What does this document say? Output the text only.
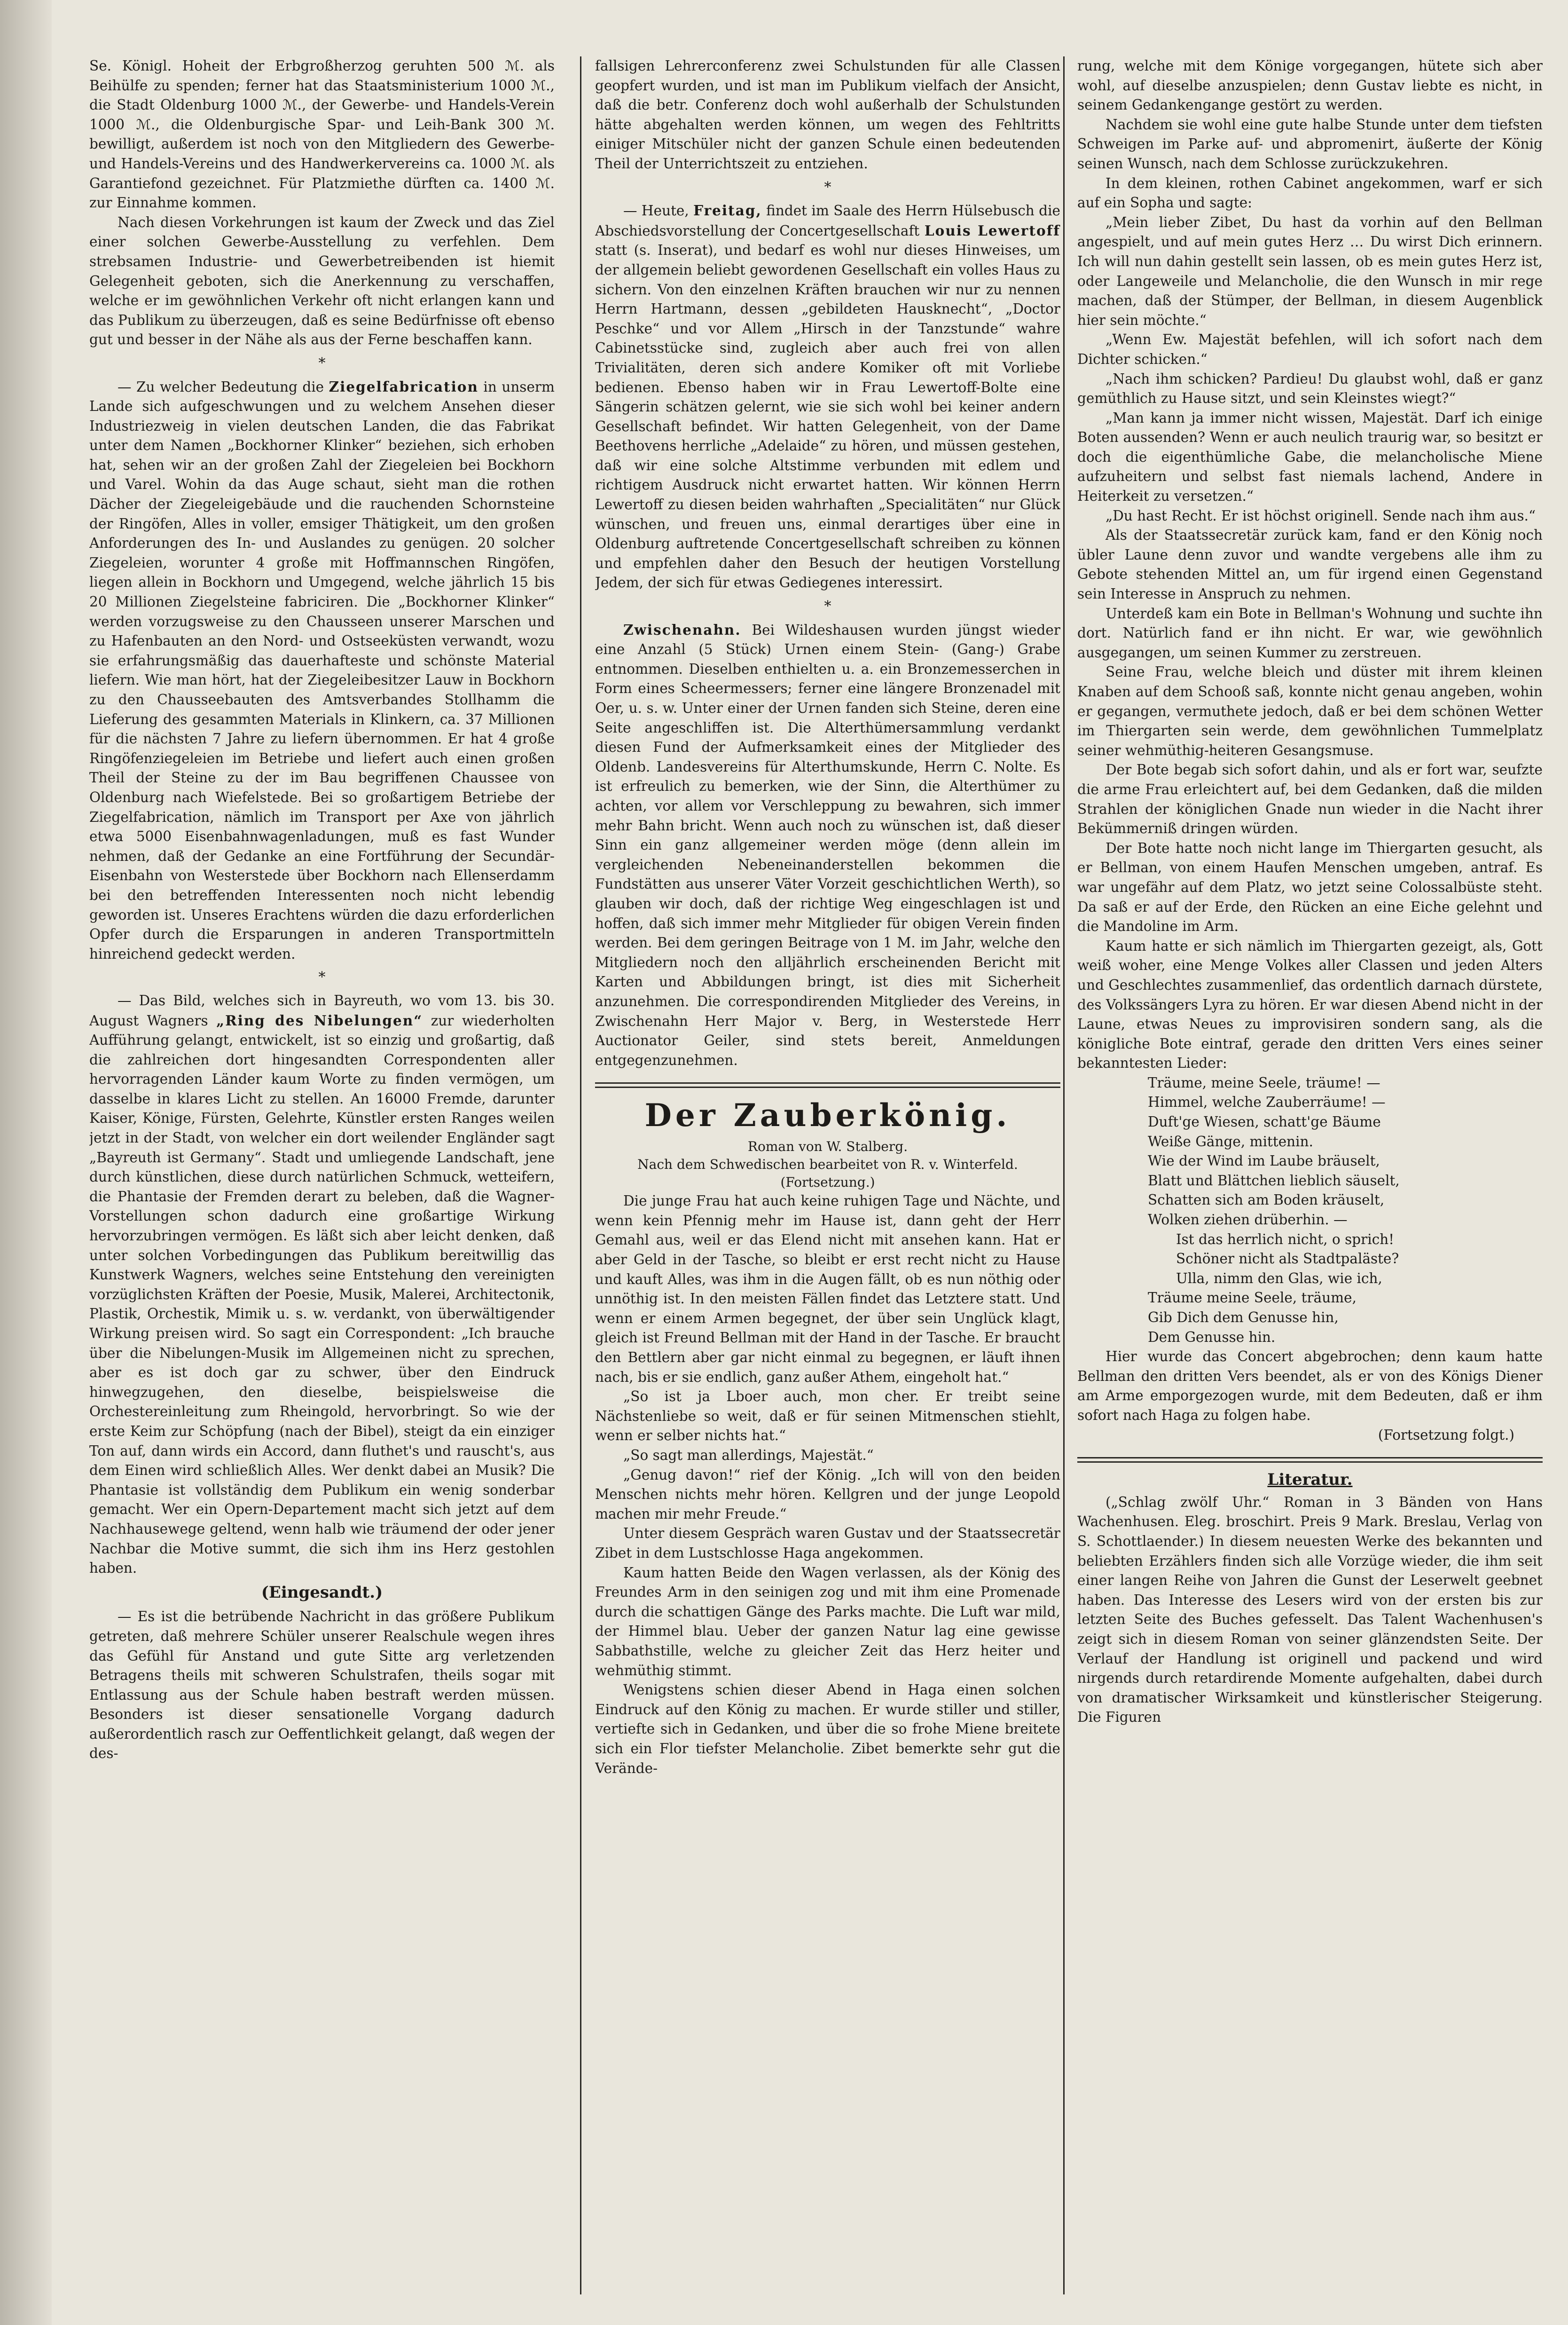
Se. Königl. Hoheit der Erbgroßherzog geruhten 500 ℳ. als Beihülfe zu spenden; ferner hat das Staatsministerium 1000 ℳ., die Stadt Oldenburg 1000 ℳ., der Gewerbe- und Handels-Verein 1000 ℳ., die Oldenburgische Spar- und Leih-Bank 300 ℳ. bewilligt, außerdem ist noch von den Mitgliedern des Gewerbe- und Handels-Vereins und des Handwerkervereins ca. 1000 ℳ. als Garantiefond gezeichnet. Für Platzmiethe dürften ca. 1400 ℳ. zur Einnahme kommen.

Nach diesen Vorkehrungen ist kaum der Zweck und das Ziel einer solchen Gewerbe-Ausstellung zu verfehlen. Dem strebsamen Industrie- und Gewerbetreibenden ist hiemit Gelegenheit geboten, sich die Anerkennung zu verschaffen, welche er im gewöhnlichen Verkehr oft nicht erlangen kann und das Publikum zu überzeugen, daß es seine Bedürfnisse oft ebenso gut und besser in der Nähe als aus der Ferne beschaffen kann.

*

— Zu welcher Bedeutung die Ziegelfabrication in unserm Lande sich aufgeschwungen und zu welchem Ansehen dieser Industriezweig in vielen deutschen Landen, die das Fabrikat unter dem Namen „Bockhorner Klinker“ beziehen, sich erhoben hat, sehen wir an der großen Zahl der Ziegeleien bei Bockhorn und Varel. Wohin da das Auge schaut, sieht man die rothen Dächer der Ziegeleigebäude und die rauchenden Schornsteine der Ringöfen, Alles in voller, emsiger Thätigkeit, um den großen Anforderungen des In- und Auslandes zu genügen. 20 solcher Ziegeleien, worunter 4 große mit Hoffmannschen Ringöfen, liegen allein in Bockhorn und Umgegend, welche jährlich 15 bis 20 Millionen Ziegelsteine fabriciren. Die „Bockhorner Klinker“ werden vorzugsweise zu den Chausseen unserer Marschen und zu Hafenbauten an den Nord- und Ostseeküsten verwandt, wozu sie erfahrungsmäßig das dauerhafteste und schönste Material liefern. Wie man hört, hat der Ziegeleibesitzer Lauw in Bockhorn zu den Chausseebauten des Amtsverbandes Stollhamm die Lieferung des gesammten Materials in Klinkern, ca. 37 Millionen für die nächsten 7 Jahre zu liefern übernommen. Er hat 4 große Ringöfenziegeleien im Betriebe und liefert auch einen großen Theil der Steine zu der im Bau begriffenen Chaussee von Oldenburg nach Wiefelstede. Bei so großartigem Betriebe der Ziegelfabrication, nämlich im Transport per Axe von jährlich etwa 5000 Eisenbahnwagenladungen, muß es fast Wunder nehmen, daß der Gedanke an eine Fortführung der Secundär-Eisenbahn von Westerstede über Bockhorn nach Ellenserdamm bei den betreffenden Interessenten noch nicht lebendig geworden ist. Unseres Erachtens würden die dazu erforderlichen Opfer durch die Ersparungen in anderen Transportmitteln hinreichend gedeckt werden.

*

— Das Bild, welches sich in Bayreuth, wo vom 13. bis 30. August Wagners „Ring des Nibelungen“ zur wiederholten Aufführung gelangt, entwickelt, ist so einzig und großartig, daß die zahlreichen dort hingesandten Correspondenten aller hervorragenden Länder kaum Worte zu finden vermögen, um dasselbe in klares Licht zu stellen. An 16000 Fremde, darunter Kaiser, Könige, Fürsten, Gelehrte, Künstler ersten Ranges weilen jetzt in der Stadt, von welcher ein dort weilender Engländer sagt „Bayreuth ist Germany“. Stadt und umliegende Landschaft, jene durch künstlichen, diese durch natürlichen Schmuck, wetteifern, die Phantasie der Fremden derart zu beleben, daß die Wagner-Vorstellungen schon dadurch eine großartige Wirkung hervorzubringen vermögen. Es läßt sich aber leicht denken, daß unter solchen Vorbedingungen das Publikum bereitwillig das Kunstwerk Wagners, welches seine Entstehung den vereinigten vorzüglichsten Kräften der Poesie, Musik, Malerei, Architectonik, Plastik, Orchestik, Mimik u. s. w. verdankt, von überwältigender Wirkung preisen wird. So sagt ein Correspondent: „Ich brauche über die Nibelungen-Musik im Allgemeinen nicht zu sprechen, aber es ist doch gar zu schwer, über den Eindruck hinwegzugehen, den dieselbe, beispielsweise die Orchestereinleitung zum Rheingold, hervorbringt. So wie der erste Keim zur Schöpfung (nach der Bibel), steigt da ein einziger Ton auf, dann wirds ein Accord, dann fluthet's und rauscht's, aus dem Einen wird schließlich Alles. Wer denkt dabei an Musik? Die Phantasie ist vollständig dem Publikum ein wenig sonderbar gemacht. Wer ein Opern-Departement macht sich jetzt auf dem Nachhausewege geltend, wenn halb wie träumend der oder jener Nachbar die Motive summt, die sich ihm ins Herz gestohlen haben.

(Eingesandt.)

— Es ist die betrübende Nachricht in das größere Publikum getreten, daß mehrere Schüler unserer Realschule wegen ihres das Gefühl für Anstand und gute Sitte arg verletzenden Betragens theils mit schweren Schulstrafen, theils sogar mit Entlassung aus der Schule haben bestraft werden müssen. Besonders ist dieser sensationelle Vorgang dadurch außerordentlich rasch zur Oeffentlichkeit gelangt, daß wegen der des-

fallsigen Lehrerconferenz zwei Schulstunden für alle Classen geopfert wurden, und ist man im Publikum vielfach der Ansicht, daß die betr. Conferenz doch wohl außerhalb der Schulstunden hätte abgehalten werden können, um wegen des Fehltritts einiger Mitschüler nicht der ganzen Schule einen bedeutenden Theil der Unterrichtszeit zu entziehen.

*

— Heute, Freitag, findet im Saale des Herrn Hülsebusch die Abschiedsvorstellung der Concertgesellschaft Louis Lewertoff statt (s. Inserat), und bedarf es wohl nur dieses Hinweises, um der allgemein beliebt gewordenen Gesellschaft ein volles Haus zu sichern. Von den einzelnen Kräften brauchen wir nur zu nennen Herrn Hartmann, dessen „gebildeten Hausknecht“, „Doctor Peschke“ und vor Allem „Hirsch in der Tanzstunde“ wahre Cabinetsstücke sind, zugleich aber auch frei von allen Trivialitäten, deren sich andere Komiker oft mit Vorliebe bedienen. Ebenso haben wir in Frau Lewertoff-Bolte eine Sängerin schätzen gelernt, wie sie sich wohl bei keiner andern Gesellschaft befindet. Wir hatten Gelegenheit, von der Dame Beethovens herrliche „Adelaide“ zu hören, und müssen gestehen, daß wir eine solche Altstimme verbunden mit edlem und richtigem Ausdruck nicht erwartet hatten. Wir können Herrn Lewertoff zu diesen beiden wahrhaften „Specialitäten“ nur Glück wünschen, und freuen uns, einmal derartiges über eine in Oldenburg auftretende Concertgesellschaft schreiben zu können und empfehlen daher den Besuch der heutigen Vorstellung Jedem, der sich für etwas Gediegenes interessirt.

*

Zwischenahn. Bei Wildeshausen wurden jüngst wieder eine Anzahl (5 Stück) Urnen einem Stein- (Gang-) Grabe entnommen. Dieselben enthielten u. a. ein Bronzemesserchen in Form eines Scheermessers; ferner eine längere Bronzenadel mit Oer, u. s. w. Unter einer der Urnen fanden sich Steine, deren eine Seite angeschliffen ist. Die Alterthümersammlung verdankt diesen Fund der Aufmerksamkeit eines der Mitglieder des Oldenb. Landesvereins für Alterthumskunde, Herrn C. Nolte. Es ist erfreulich zu bemerken, wie der Sinn, die Alterthümer zu achten, vor allem vor Verschleppung zu bewahren, sich immer mehr Bahn bricht. Wenn auch noch zu wünschen ist, daß dieser Sinn ein ganz allgemeiner werden möge (denn allein im vergleichenden Nebeneinanderstellen bekommen die Fundstätten aus unserer Väter Vorzeit geschichtlichen Werth), so glauben wir doch, daß der richtige Weg eingeschlagen ist und hoffen, daß sich immer mehr Mitglieder für obigen Verein finden werden. Bei dem geringen Beitrage von 1 M. im Jahr, welche den Mitgliedern noch den alljährlich erscheinenden Bericht mit Karten und Abbildungen bringt, ist dies mit Sicherheit anzunehmen. Die correspondirenden Mitglieder des Vereins, in Zwischenahn Herr Major v. Berg, in Westerstede Herr Auctionator Geiler, sind stets bereit, Anmeldungen entgegenzunehmen.

Der Zauberkönig.
Roman von W. Stalberg.
Nach dem Schwedischen bearbeitet von R. v. Winterfeld.
(Fortsetzung.)

Die junge Frau hat auch keine ruhigen Tage und Nächte, und wenn kein Pfennig mehr im Hause ist, dann geht der Herr Gemahl aus, weil er das Elend nicht mit ansehen kann. Hat er aber Geld in der Tasche, so bleibt er erst recht nicht zu Hause und kauft Alles, was ihm in die Augen fällt, ob es nun nöthig oder unnöthig ist. In den meisten Fällen findet das Letztere statt. Und wenn er einem Armen begegnet, der über sein Unglück klagt, gleich ist Freund Bellman mit der Hand in der Tasche. Er braucht den Bettlern aber gar nicht einmal zu begegnen, er läuft ihnen nach, bis er sie endlich, ganz außer Athem, eingeholt hat.“

„So ist ja Lboer auch, mon cher. Er treibt seine Nächstenliebe so weit, daß er für seinen Mitmenschen stiehlt, wenn er selber nichts hat.“

„So sagt man allerdings, Majestät.“

„Genug davon!“ rief der König. „Ich will von den beiden Menschen nichts mehr hören. Kellgren und der junge Leopold machen mir mehr Freude.“

Unter diesem Gespräch waren Gustav und der Staatssecretär Zibet in dem Lustschlosse Haga angekommen.

Kaum hatten Beide den Wagen verlassen, als der König des Freundes Arm in den seinigen zog und mit ihm eine Promenade durch die schattigen Gänge des Parks machte. Die Luft war mild, der Himmel blau. Ueber der ganzen Natur lag eine gewisse Sabbathstille, welche zu gleicher Zeit das Herz heiter und wehmüthig stimmt.

Wenigstens schien dieser Abend in Haga einen solchen Eindruck auf den König zu machen. Er wurde stiller und stiller, vertiefte sich in Gedanken, und über die so frohe Miene breitete sich ein Flor tiefster Melancholie. Zibet bemerkte sehr gut die Verände-

rung, welche mit dem Könige vorgegangen, hütete sich aber wohl, auf dieselbe anzuspielen; denn Gustav liebte es nicht, in seinem Gedankengange gestört zu werden.

Nachdem sie wohl eine gute halbe Stunde unter dem tiefsten Schweigen im Parke auf- und abpromenirt, äußerte der König seinen Wunsch, nach dem Schlosse zurückzukehren.

In dem kleinen, rothen Cabinet angekommen, warf er sich auf ein Sopha und sagte:

„Mein lieber Zibet, Du hast da vorhin auf den Bellman angespielt, und auf mein gutes Herz … Du wirst Dich erinnern. Ich will nun dahin gestellt sein lassen, ob es mein gutes Herz ist, oder Langeweile und Melancholie, die den Wunsch in mir rege machen, daß der Stümper, der Bellman, in diesem Augenblick hier sein möchte.“

„Wenn Ew. Majestät befehlen, will ich sofort nach dem Dichter schicken.“

„Nach ihm schicken? Pardieu! Du glaubst wohl, daß er ganz gemüthlich zu Hause sitzt, und sein Kleinstes wiegt?“

„Man kann ja immer nicht wissen, Majestät. Darf ich einige Boten aussenden? Wenn er auch neulich traurig war, so besitzt er doch die eigenthümliche Gabe, die melancholische Miene aufzuheitern und selbst fast niemals lachend, Andere in Heiterkeit zu versetzen.“

„Du hast Recht. Er ist höchst originell. Sende nach ihm aus.“

Als der Staatssecretär zurück kam, fand er den König noch übler Laune denn zuvor und wandte vergebens alle ihm zu Gebote stehenden Mittel an, um für irgend einen Gegenstand sein Interesse in Anspruch zu nehmen.

Unterdeß kam ein Bote in Bellman's Wohnung und suchte ihn dort. Natürlich fand er ihn nicht. Er war, wie gewöhnlich ausgegangen, um seinen Kummer zu zerstreuen.

Seine Frau, welche bleich und düster mit ihrem kleinen Knaben auf dem Schooß saß, konnte nicht genau angeben, wohin er gegangen, vermuthete jedoch, daß er bei dem schönen Wetter im Thiergarten sein werde, dem gewöhnlichen Tummelplatz seiner wehmüthig-heiteren Gesangsmuse.

Der Bote begab sich sofort dahin, und als er fort war, seufzte die arme Frau erleichtert auf, bei dem Gedanken, daß die milden Strahlen der königlichen Gnade nun wieder in die Nacht ihrer Bekümmerniß dringen würden.

Der Bote hatte noch nicht lange im Thiergarten gesucht, als er Bellman, von einem Haufen Menschen umgeben, antraf. Es war ungefähr auf dem Platz, wo jetzt seine Colossalbüste steht. Da saß er auf der Erde, den Rücken an eine Eiche gelehnt und die Mandoline im Arm.

Kaum hatte er sich nämlich im Thiergarten gezeigt, als, Gott weiß woher, eine Menge Volkes aller Classen und jeden Alters und Geschlechtes zusammenlief, das ordentlich darnach dürstete, des Volkssängers Lyra zu hören. Er war diesen Abend nicht in der Laune, etwas Neues zu improvisiren sondern sang, als die königliche Bote eintraf, gerade den dritten Vers eines seiner bekanntesten Lieder:

Träume, meine Seele, träume! —
Himmel, welche Zauberräume! —
Duft'ge Wiesen, schatt'ge Bäume
Weiße Gänge, mittenin.
Wie der Wind im Laube bräuselt,
Blatt und Blättchen lieblich säuselt,
Schatten sich am Boden kräuselt,
Wolken ziehen drüberhin. —
Ist das herrlich nicht, o sprich!
Schöner nicht als Stadtpaläste?
Ulla, nimm den Glas, wie ich,
Träume meine Seele, träume,
Gib Dich dem Genusse hin,
Dem Genusse hin.

Hier wurde das Concert abgebrochen; denn kaum hatte Bellman den dritten Vers beendet, als er von des Königs Diener am Arme emporgezogen wurde, mit dem Bedeuten, daß er ihm sofort nach Haga zu folgen habe.

(Fortsetzung folgt.)
Literatur.

(„Schlag zwölf Uhr.“ Roman in 3 Bänden von Hans Wachenhusen. Eleg. broschirt. Preis 9 Mark. Breslau, Verlag von S. Schottlaender.) In diesem neuesten Werke des bekannten und beliebten Erzählers finden sich alle Vorzüge wieder, die ihm seit einer langen Reihe von Jahren die Gunst der Leserwelt geebnet haben. Das Interesse des Lesers wird von der ersten bis zur letzten Seite des Buches gefesselt. Das Talent Wachenhusen's zeigt sich in diesem Roman von seiner glänzendsten Seite. Der Verlauf der Handlung ist originell und packend und wird nirgends durch retardirende Momente aufgehalten, dabei durch von dramatischer Wirksamkeit und künstlerischer Steigerung. Die Figuren
